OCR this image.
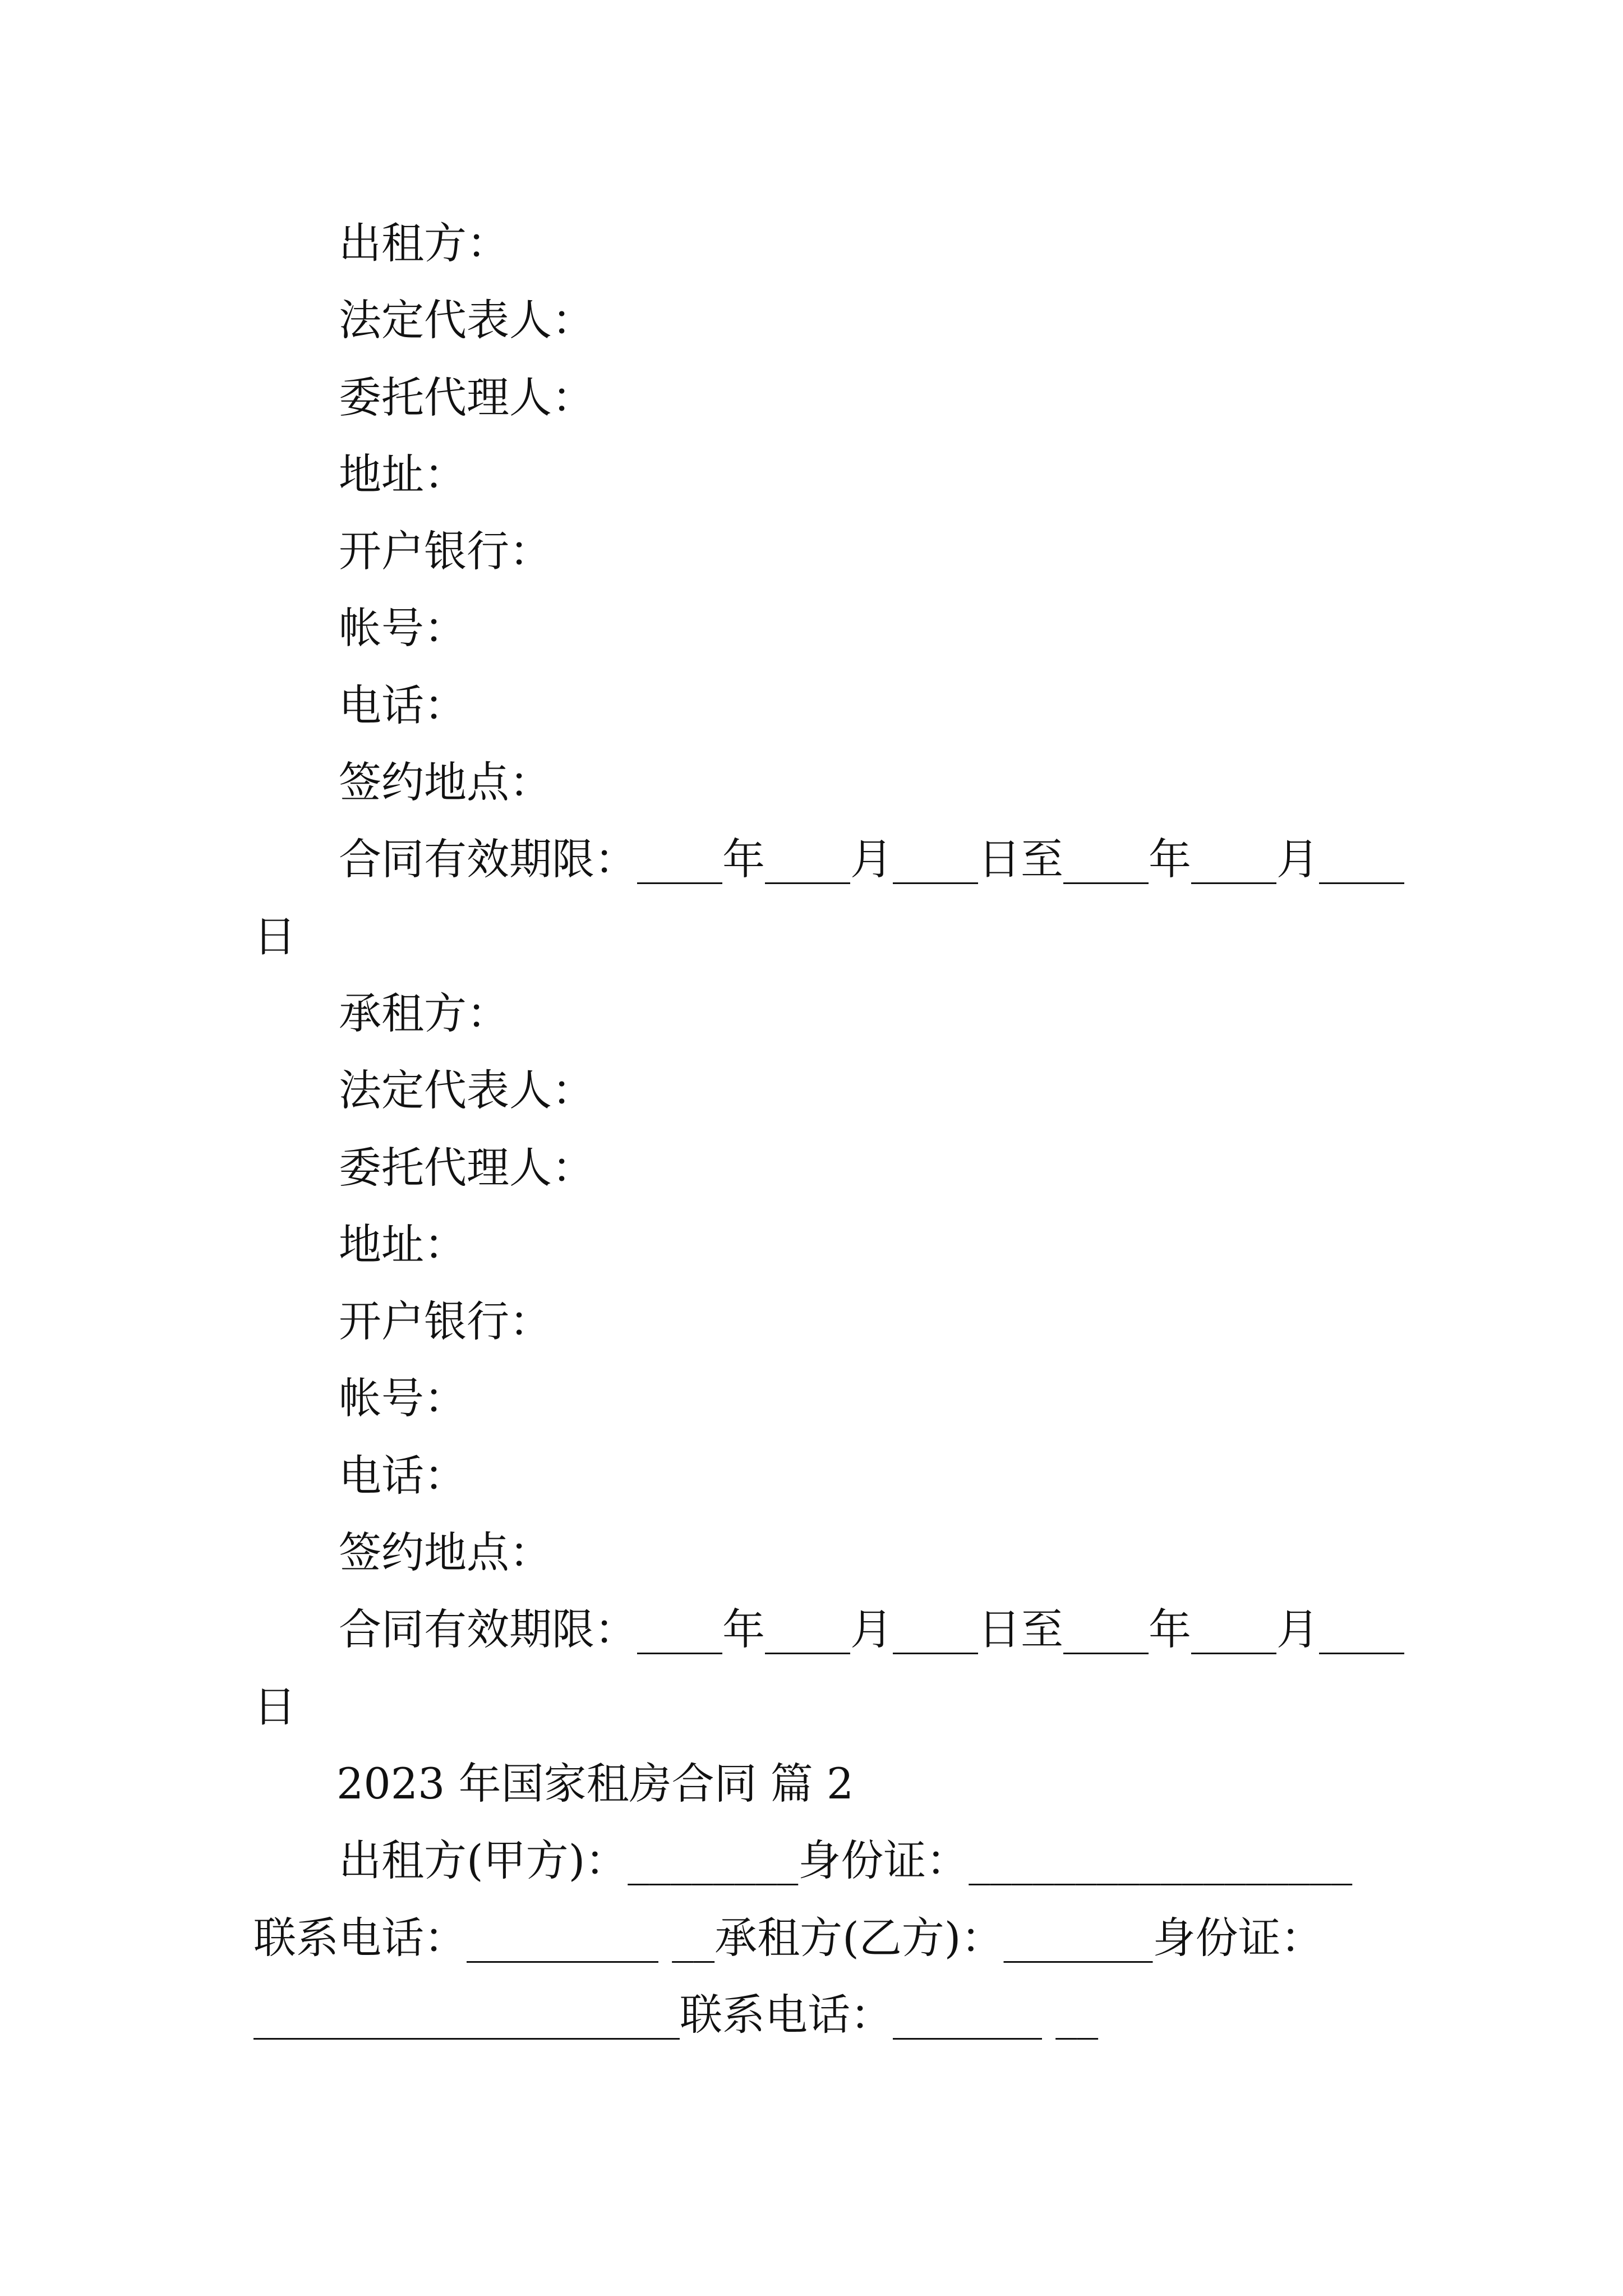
出租方：
法定代表人：
委托代理人：
地址：
开户银行：
帐号：
电话：
签约地点：
合同有效期限：____年____月____日至____年____月____
日
承租方：
法定代表人：
委托代理人：
地址：
开户银行：
帐号：
电话：
签约地点：
合同有效期限：____年____月____日至____年____月____
日
2023 年国家租房合同 篇 2
出租方(甲方)：________身份证：__________________
联系电话：_________ __承租方(乙方)：_______身份证：
____________________联系电话：_______ __
